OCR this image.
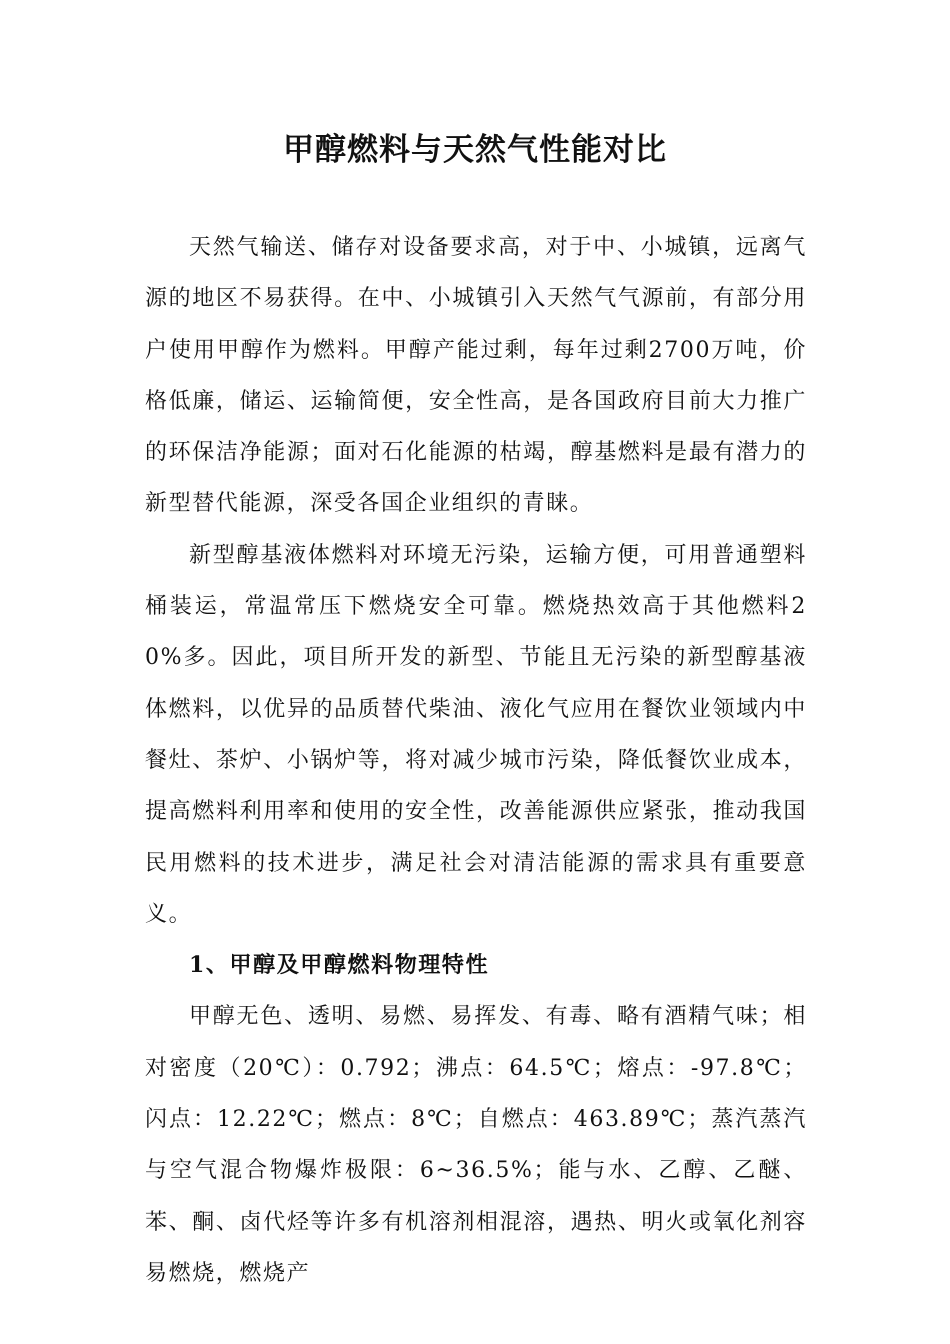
甲醇燃料与天然气性能对比

天然气输送、储存对设备要求高，对于中、小城镇，远离气源的地区不易获得。在中、小城镇引入天然气气源前，有部分用户使用甲醇作为燃料。甲醇产能过剩，每年过剩2700万吨，价格低廉，储运、运输简便，安全性高，是各国政府目前大力推广的环保洁净能源；面对石化能源的枯竭，醇基燃料是最有潜力的新型替代能源，深受各国企业组织的青睐。

新型醇基液体燃料对环境无污染，运输方便，可用普通塑料桶装运，常温常压下燃烧安全可靠。燃烧热效高于其他燃料20%多。因此，项目所开发的新型、节能且无污染的新型醇基液体燃料，以优异的品质替代柴油、液化气应用在餐饮业领域内中餐灶、茶炉、小锅炉等，将对减少城市污染，降低餐饮业成本，提高燃料利用率和使用的安全性，改善能源供应紧张，推动我国民用燃料的技术进步，满足社会对清洁能源的需求具有重要意义。

1、甲醇及甲醇燃料物理特性

甲醇无色、透明、易燃、易挥发、有毒、略有酒精气味；相对密度（20℃）：0.792；沸点：64.5℃；熔点：-97.8℃；闪点：12.22℃；燃点：8℃；自燃点：463.89℃；蒸汽蒸汽与空气混合物爆炸极限：6~36.5%；能与水、乙醇、乙醚、苯、酮、卤代烃等许多有机溶剂相混溶，遇热、明火或氧化剂容易燃烧，燃烧产
